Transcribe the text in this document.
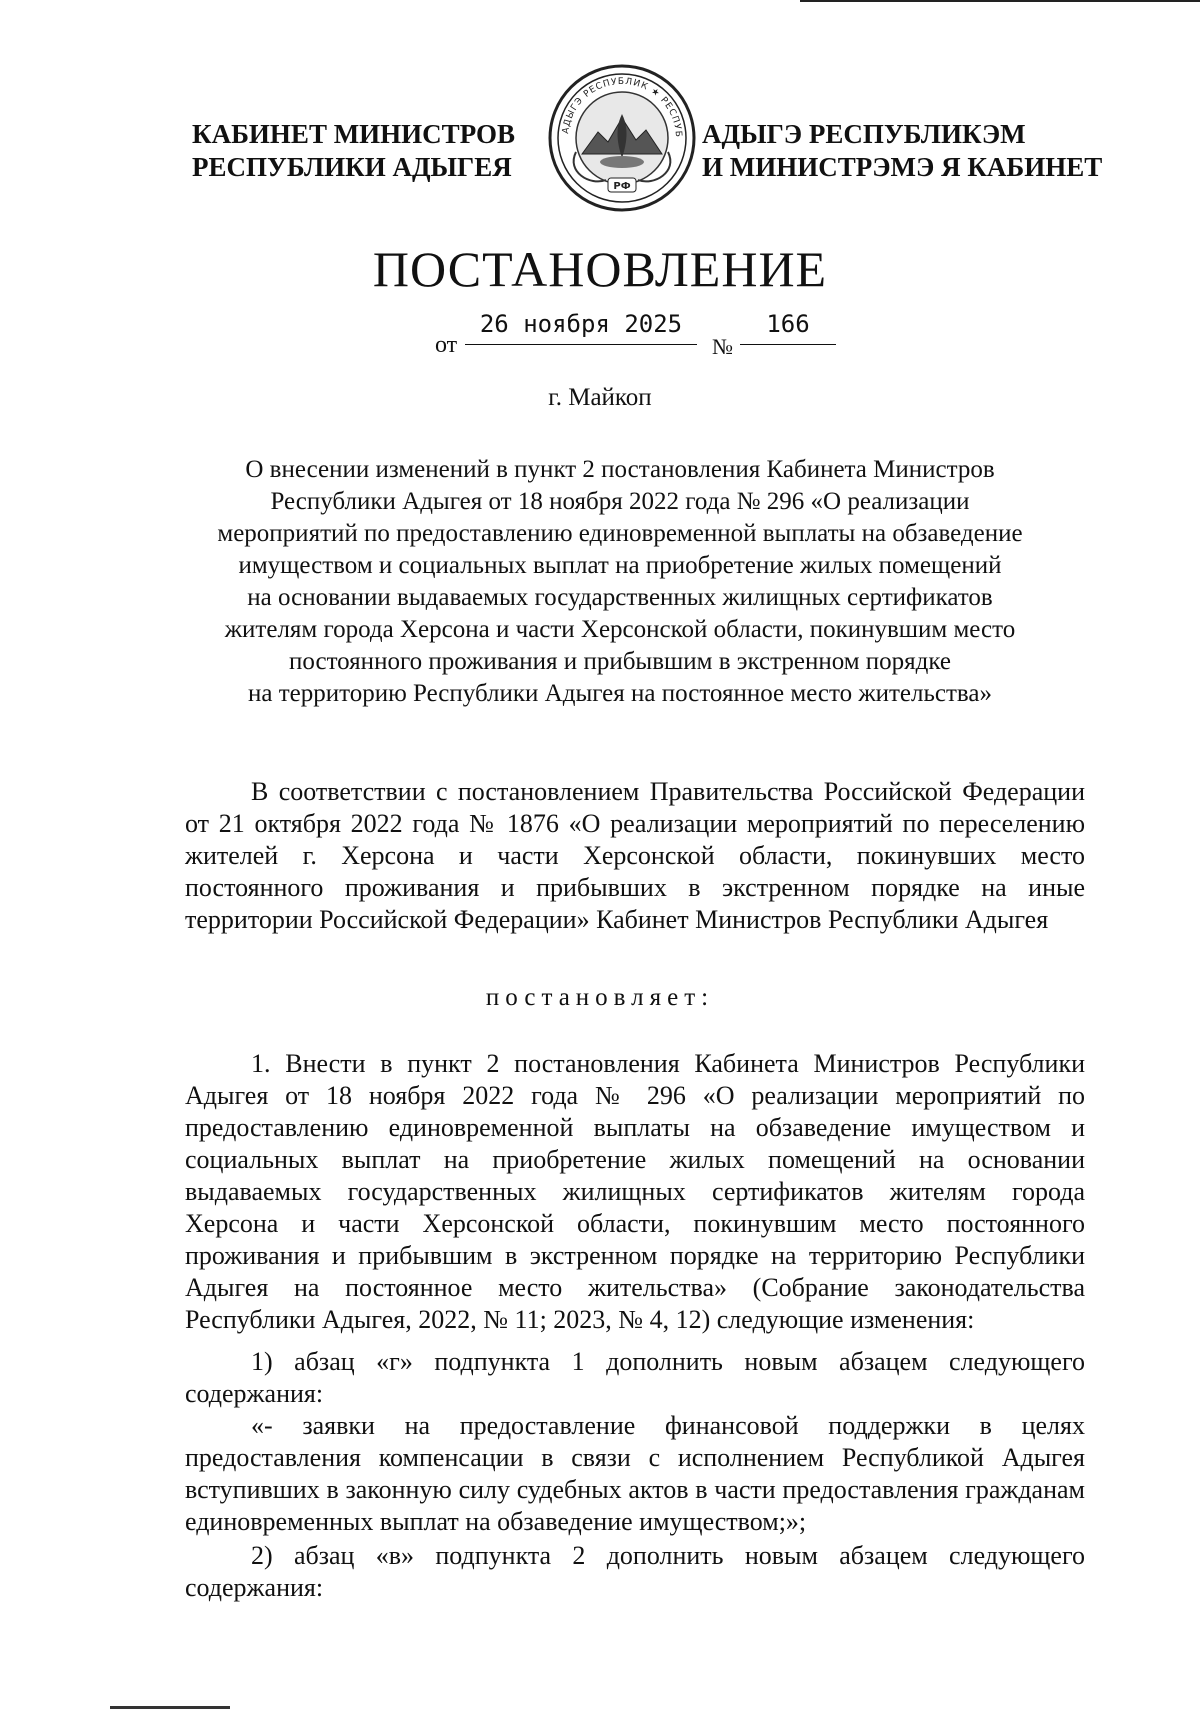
КАБИНЕТ МИНИСТРОВ
РЕСПУБЛИКИ АДЫГЕЯ
АДЫГЭ РЕСПУБЛИК ★ РЕСПУБ
РФ
АДЫГЭ РЕСПУБЛИКЭМ
И МИНИСТРЭМЭ Я КАБИНЕТ
ПОСТАНОВЛЕНИЕ
от
26 ноября 2025
№
166
г. Майкоп
О внесении изменений в пункт 2 постановления Кабинета Министров
Республики Адыгея от 18 ноября 2022 года № 296 «О реализации
мероприятий по предоставлению единовременной выплаты на обзаведение
имуществом и социальных выплат на приобретение жилых помещений
на основании выдаваемых государственных жилищных сертификатов
жителям города Херсона и части Херсонской области, покинувшим место
постоянного проживания и прибывшим в экстренном порядке
на территорию Республики Адыгея на постоянное место жительства»
В соответствии с постановлением Правительства Российской Федерации от 21 октября 2022 года № 1876 «О реализации мероприятий по переселению жителей г. Херсона и части Херсонской области, покинувших место постоянного проживания и прибывших в экстренном порядке на иные территории Российской Федерации» Кабинет Министров Республики Адыгея
постановляет:
1. Внести в пункт 2 постановления Кабинета Министров Республики Адыгея от 18 ноября 2022 года № 296 «О реализации мероприятий по предоставлению единовременной выплаты на обзаведение имуществом и социальных выплат на приобретение жилых помещений на основании выдаваемых государственных жилищных сертификатов жителям города Херсона и части Херсонской области, покинувшим место постоянного проживания и прибывшим в экстренном порядке на территорию Республики Адыгея на постоянное место жительства» (Собрание законодательства Республики Адыгея, 2022, № 11; 2023, № 4, 12) следующие изменения:
1) абзац «г» подпункта 1 дополнить новым абзацем следующего содержания:
«- заявки на предоставление финансовой поддержки в целях предоставления компенсации в связи с исполнением Республикой Адыгея вступивших в законную силу судебных актов в части предоставления гражданам единовременных выплат на обзаведение имуществом;»;
2) абзац «в» подпункта 2 дополнить новым абзацем следующего содержания:
